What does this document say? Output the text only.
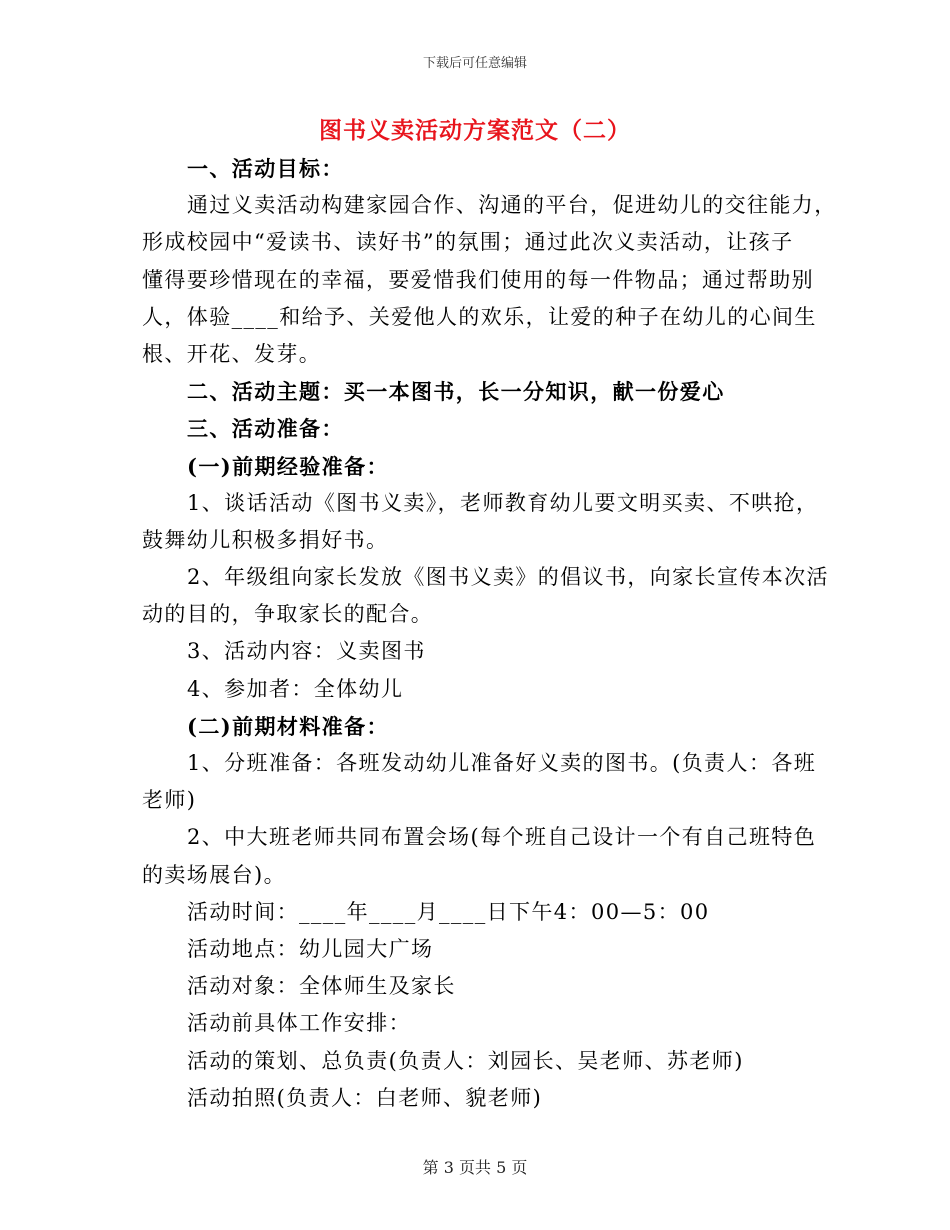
下载后可任意编辑
图书义卖活动方案范文（二）
一、活动目标：
通过义卖活动构建家园合作、沟通的平台，促进幼儿的交往能力，
形成校园中“爱读书、读好书”的氛围；通过此次义卖活动，让孩子
懂得要珍惜现在的幸福，要爱惜我们使用的每一件物品；通过帮助别
人，体验____和给予、关爱他人的欢乐，让爱的种子在幼儿的心间生
根、开花、发芽。
二、活动主题：买一本图书，长一分知识，献一份爱心
三、活动准备：
(一)前期经验准备：
1、谈话活动《图书义卖》，老师教育幼儿要文明买卖、不哄抢，
鼓舞幼儿积极多捐好书。
2、年级组向家长发放《图书义卖》的倡议书，向家长宣传本次活
动的目的，争取家长的配合。
3、活动内容：义卖图书
4、参加者：全体幼儿
(二)前期材料准备：
1、分班准备：各班发动幼儿准备好义卖的图书。(负责人：各班
老师)
2、中大班老师共同布置会场(每个班自己设计一个有自己班特色
的卖场展台)。
活动时间：____年____月____日下午4：00—5：00
活动地点：幼儿园大广场
活动对象：全体师生及家长
活动前具体工作安排：
活动的策划、总负责(负责人：刘园长、吴老师、苏老师)
活动拍照(负责人：白老师、貌老师)
第 3 页共 5 页
